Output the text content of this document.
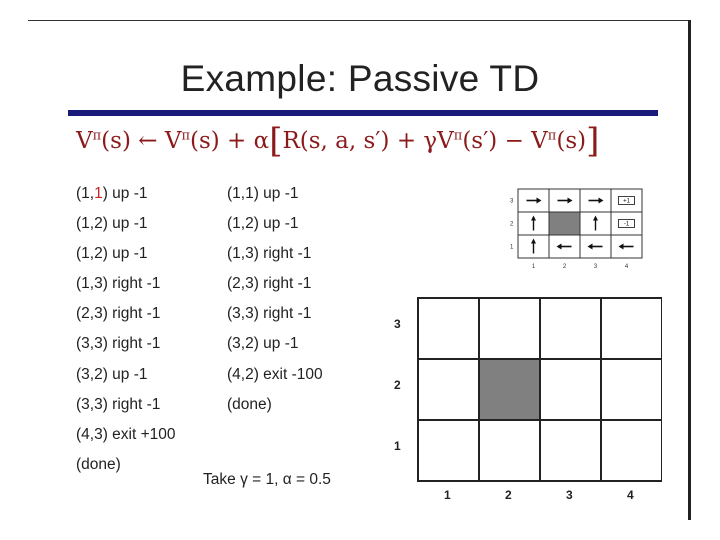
Example: Passive TD
$V^\pi(s)$ ← $V^\pi(s) + \alpha[R(s$, a, $s') + \gamma V^\pi(s') - V^\pi(s)$]
(1,1) up -1
(1,2) up -1
(1,2) up -1
(1,3) right -1
(2,3) right -1
(3,3) right -1
(3,2) up -1
(3,3) right -1
(4,3) exit +100
(done)
(1,1) up -1
(1,2) up -1
(1,3) right -1
(2,3) right -1
(3,3) right -1
(3,2) up -1
(4,2) exit -100
(done)
Take γ = 1, α = 0.5
+1
-1
3
2
1
1	2	3	4
3
2
1
1	2	3	4
